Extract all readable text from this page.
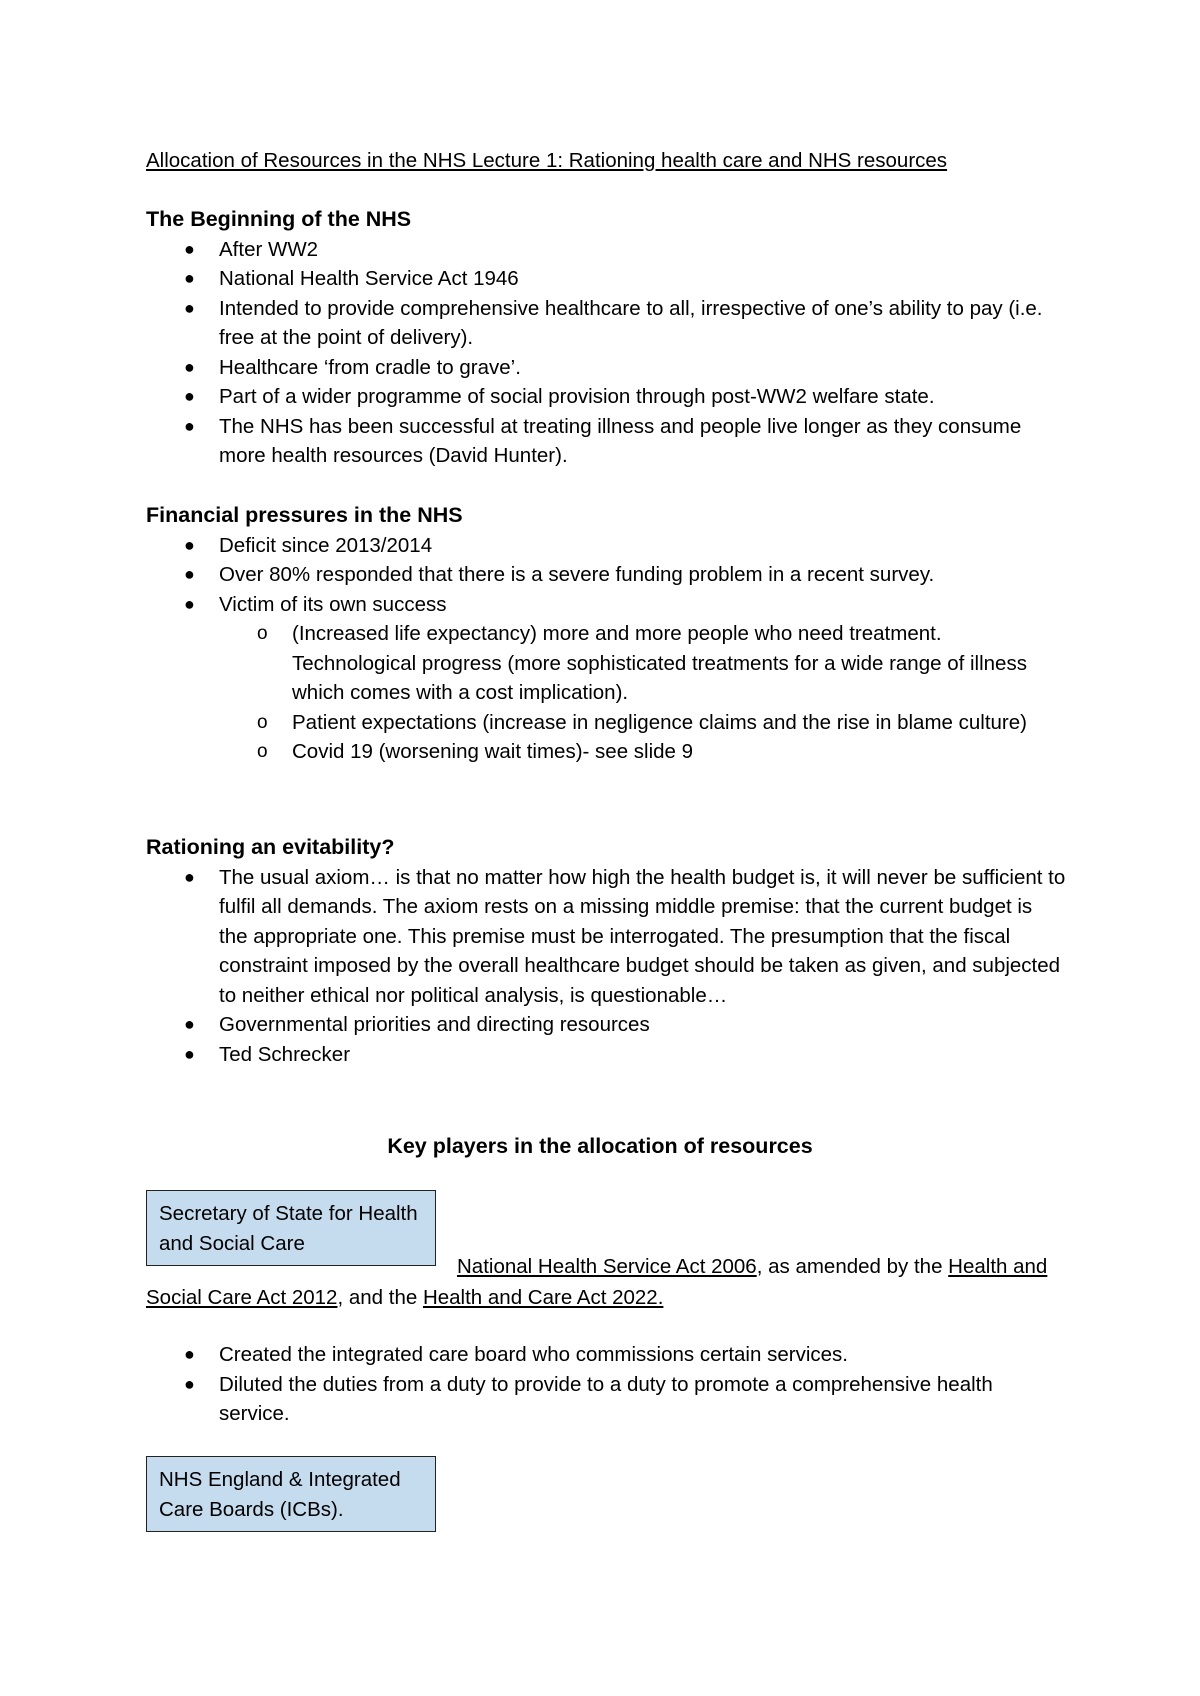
Allocation of Resources in the NHS Lecture 1: Rationing health care and NHS resources
The Beginning of the NHS
● After WW2
● National Health Service Act 1946
● Intended to provide comprehensive healthcare to all, irrespective of one’s ability to pay (i.e. free at the point of delivery).
● Healthcare ‘from cradle to grave’.
● Part of a wider programme of social provision through post-WW2 welfare state.
● The NHS has been successful at treating illness and people live longer as they consume more health resources (David Hunter).
Financial pressures in the NHS
● Deficit since 2013/2014
● Over 80% responded that there is a severe funding problem in a recent survey.
● Victim of its own success
o (Increased life expectancy) more and more people who need treatment. Technological progress (more sophisticated treatments for a wide range of illness which comes with a cost implication).
o Patient expectations (increase in negligence claims and the rise in blame culture)
o Covid 19 (worsening wait times)- see slide 9
Rationing an evitability?
● The usual axiom… is that no matter how high the health budget is, it will never be sufficient to fulfil all demands. The axiom rests on a missing middle premise: that the current budget is the appropriate one. This premise must be interrogated. The presumption that the fiscal constraint imposed by the overall healthcare budget should be taken as given, and subjected to neither ethical nor political analysis, is questionable…
● Governmental priorities and directing resources
● Ted Schrecker
Key players in the allocation of resources
Secretary of State for Health and Social Care
National Health Service Act 2006, as amended by the Health and Social Care Act 2012, and the Health and Care Act 2022.
● Created the integrated care board who commissions certain services.
● Diluted the duties from a duty to provide to a duty to promote a comprehensive health service.
NHS England & Integrated Care Boards (ICBs).
